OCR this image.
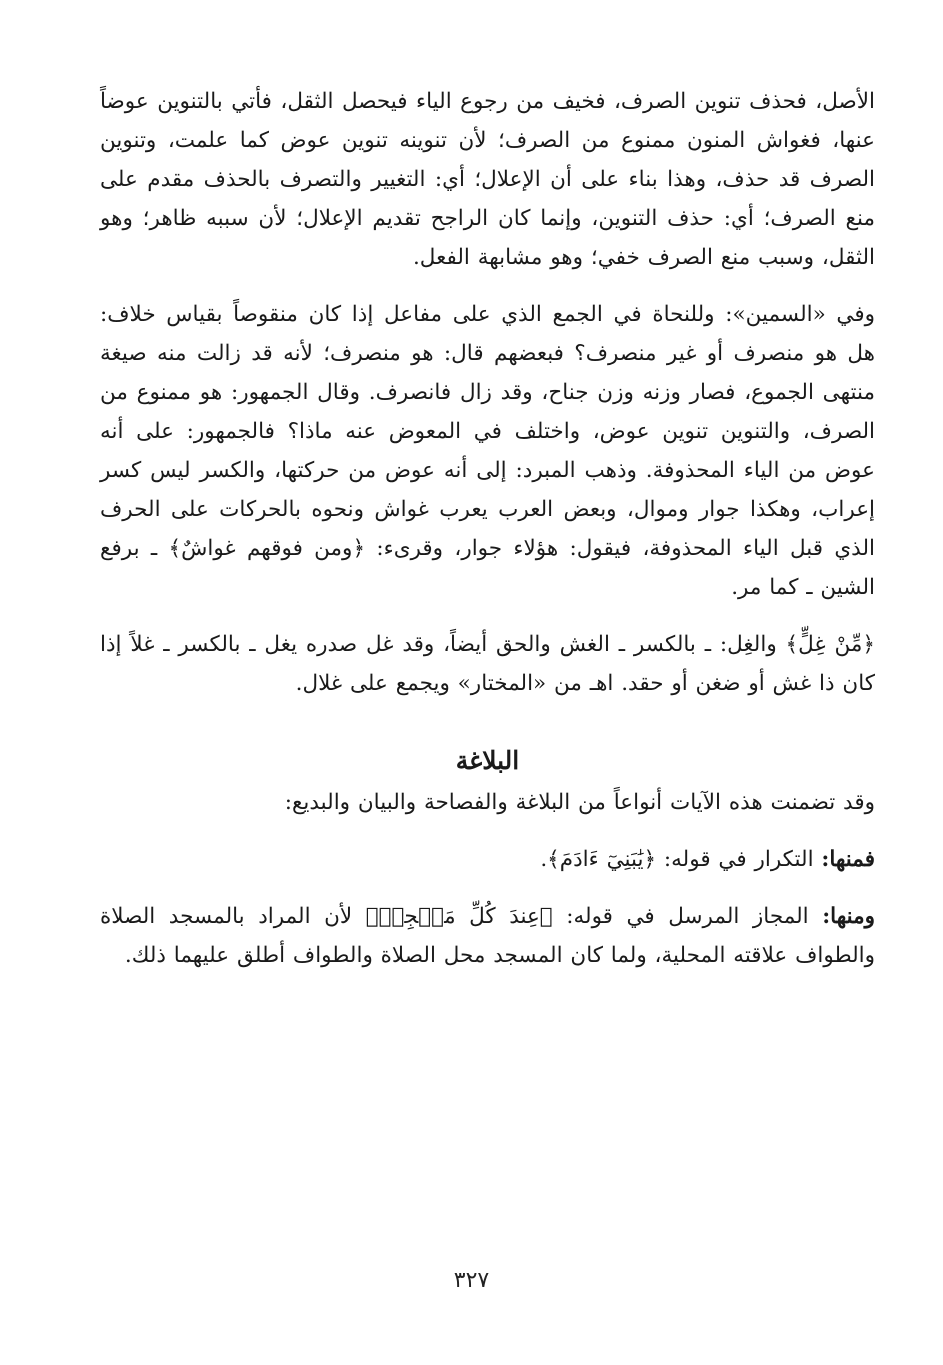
الأصل، فحذف تنوين الصرف، فخيف من رجوع الياء فيحصل الثقل، فأتي بالتنوين عوضاً عنها، فغواش المنون ممنوع من الصرف؛ لأن تنوينه تنوين عوض كما علمت، وتنوين الصرف قد حذف، وهذا بناء على أن الإعلال؛ أي: التغيير والتصرف بالحذف مقدم على منع الصرف؛ أي: حذف التنوين، وإنما كان الراجح تقديم الإعلال؛ لأن سببه ظاهر؛ وهو الثقل، وسبب منع الصرف خفي؛ وهو مشابهة الفعل.

وفي «السمين»: وللنحاة في الجمع الذي على مفاعل إذا كان منقوصاً بقياس خلاف: هل هو منصرف أو غير منصرف؟ فبعضهم قال: هو منصرف؛ لأنه قد زالت منه صيغة منتهى الجموع، فصار وزنه وزن جناح، وقد زال فانصرف. وقال الجمهور: هو ممنوع من الصرف، والتنوين تنوين عوض، واختلف في المعوض عنه ماذا؟ فالجمهور: على أنه عوض من الياء المحذوفة. وذهب المبرد: إلى أنه عوض من حركتها، والكسر ليس كسر إعراب، وهكذا جوار وموال، وبعض العرب يعرب غواش ونحوه بالحركات على الحرف الذي قبل الياء المحذوفة، فيقول: هؤلاء جوار، وقرىء: ﴿ومن فوقهم غواشٌ﴾ ـ برفع الشين ـ كما مر.

﴿مِّنْ غِلٍّ﴾ والغِل: ـ بالكسر ـ الغش والحق أيضاً، وقد غل صدره يغل ـ بالكسر ـ غلاً إذا كان ذا غش أو ضغن أو حقد. اهـ من «المختار» ويجمع على غلال.

البلاغة

وقد تضمنت هذه الآيات أنواعاً من البلاغة والفصاحة والبيان والبديع:

فمنها: التكرار في قوله: ﴿يَٰبَنِيٓ ءَادَمَ﴾.

ومنها: المجاز المرسل في قوله: ﴿عِندَ كُلِّ مَسۡجِدٖ﴾ لأن المراد بالمسجد الصلاة والطواف علاقته المحلية، ولما كان المسجد محل الصلاة والطواف أطلق عليهما ذلك.

٣٢٧
